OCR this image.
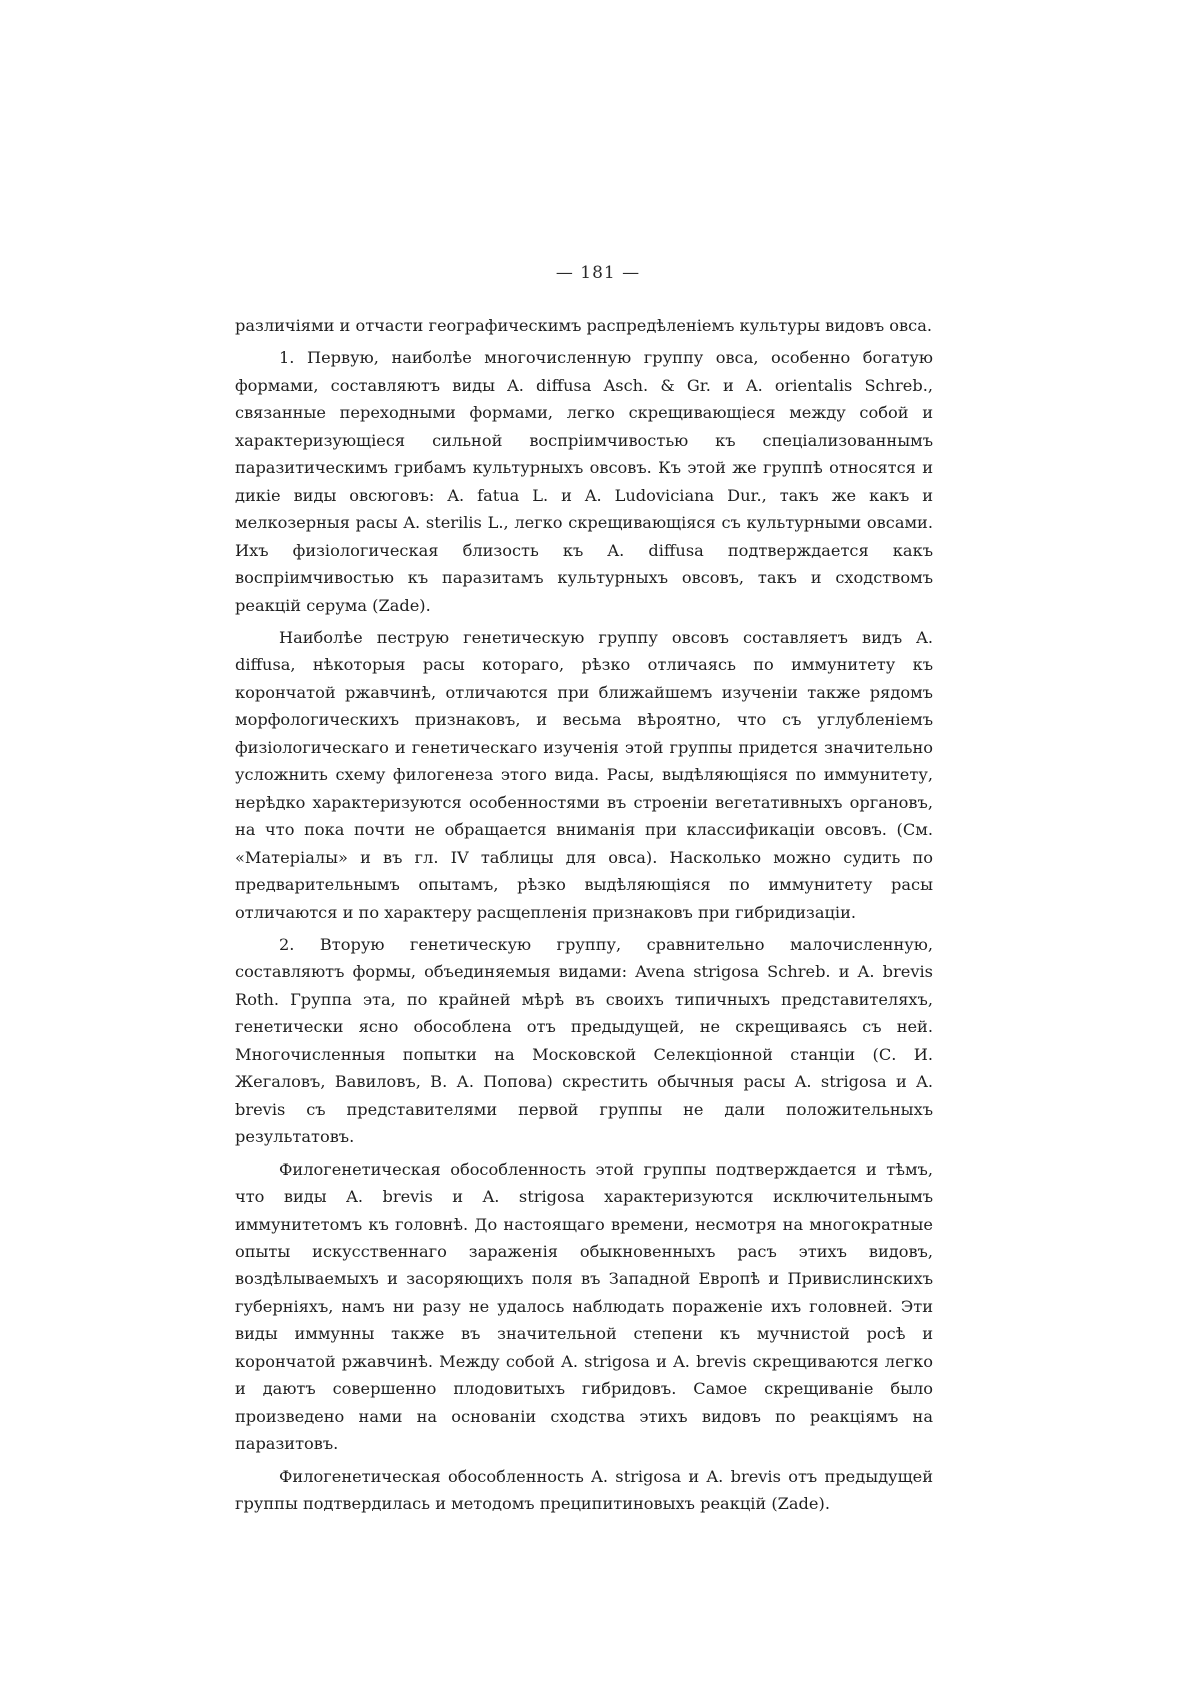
— 181 —

различіями и отчасти географическимъ распредѣленіемъ культуры видовъ овса.

1. Первую, наиболѣе многочисленную группу овса, особенно богатую формами, составляютъ виды A. diffusa Asch. & Gr. и A. orientalis Schreb., связанные переходными формами, легко скрещивающіеся между собой и характеризующіеся сильной воспріимчивостью къ спеціализованнымъ паразитическимъ грибамъ культурныхъ овсовъ. Къ этой же группѣ относятся и дикіе виды овсюговъ: A. fatua L. и A. Ludoviciana Dur., такъ же какъ и мелкозерныя расы A. sterilis L., легко скрещивающіяся съ культурными овсами. Ихъ физіологическая близость къ A. diffusa подтверждается какъ воспріимчивостью къ паразитамъ культурныхъ овсовъ, такъ и сходствомъ реакцій серума (Zade).

Наиболѣе пеструю генетическую группу овсовъ составляетъ видъ A. diffusa, нѣкоторыя расы котораго, рѣзко отличаясь по иммунитету къ корончатой ржавчинѣ, отличаются при ближайшемъ изученіи также рядомъ морфологическихъ признаковъ, и весьма вѣроятно, что съ углубленіемъ физіологическаго и генетическаго изученія этой группы придется значительно усложнить схему филогенеза этого вида. Расы, выдѣляющіяся по иммунитету, нерѣдко характеризуются особенностями въ строеніи вегетативныхъ органовъ, на что пока почти не обращается вниманія при классификаціи овсовъ. (См. «Матеріалы» и въ гл. IV таблицы для овса). Насколько можно судить по предварительнымъ опытамъ, рѣзко выдѣляющіяся по иммунитету расы отличаются и по характеру расщепленія признаковъ при гибридизаціи.

2. Вторую генетическую группу, сравнительно малочисленную, составляютъ формы, объединяемыя видами: Avena strigosa Schreb. и A. brevis Roth. Группа эта, по крайней мѣрѣ въ своихъ типичныхъ представителяхъ, генетически ясно обособлена отъ предыдущей, не скрещиваясь съ ней. Многочисленныя попытки на Московской Селекціонной станціи (С. И. Жегаловъ, Вавиловъ, В. А. Попова) скрестить обычныя расы A. strigosa и A. brevis съ представителями первой группы не дали положительныхъ результатовъ.

Филогенетическая обособленность этой группы подтверждается и тѣмъ, что виды A. brevis и A. strigosa характеризуются исключительнымъ иммунитетомъ къ головнѣ. До настоящаго времени, несмотря на многократные опыты искусственнаго зараженія обыкновенныхъ расъ этихъ видовъ, воздѣлываемыхъ и засоряющихъ поля въ Западной Европѣ и Привислинскихъ губерніяхъ, намъ ни разу не удалось наблюдать пораженіе ихъ головней. Эти виды иммунны также въ значительной степени къ мучнистой росѣ и корончатой ржавчинѣ. Между собой A. strigosa и A. brevis скрещиваются легко и даютъ совершенно плодовитыхъ гибридовъ. Самое скрещиваніе было произведено нами на основаніи сходства этихъ видовъ по реакціямъ на паразитовъ.

Филогенетическая обособленность A. strigosa и A. brevis отъ предыдущей группы подтвердилась и методомъ преципитиновыхъ реакцій (Zade).
